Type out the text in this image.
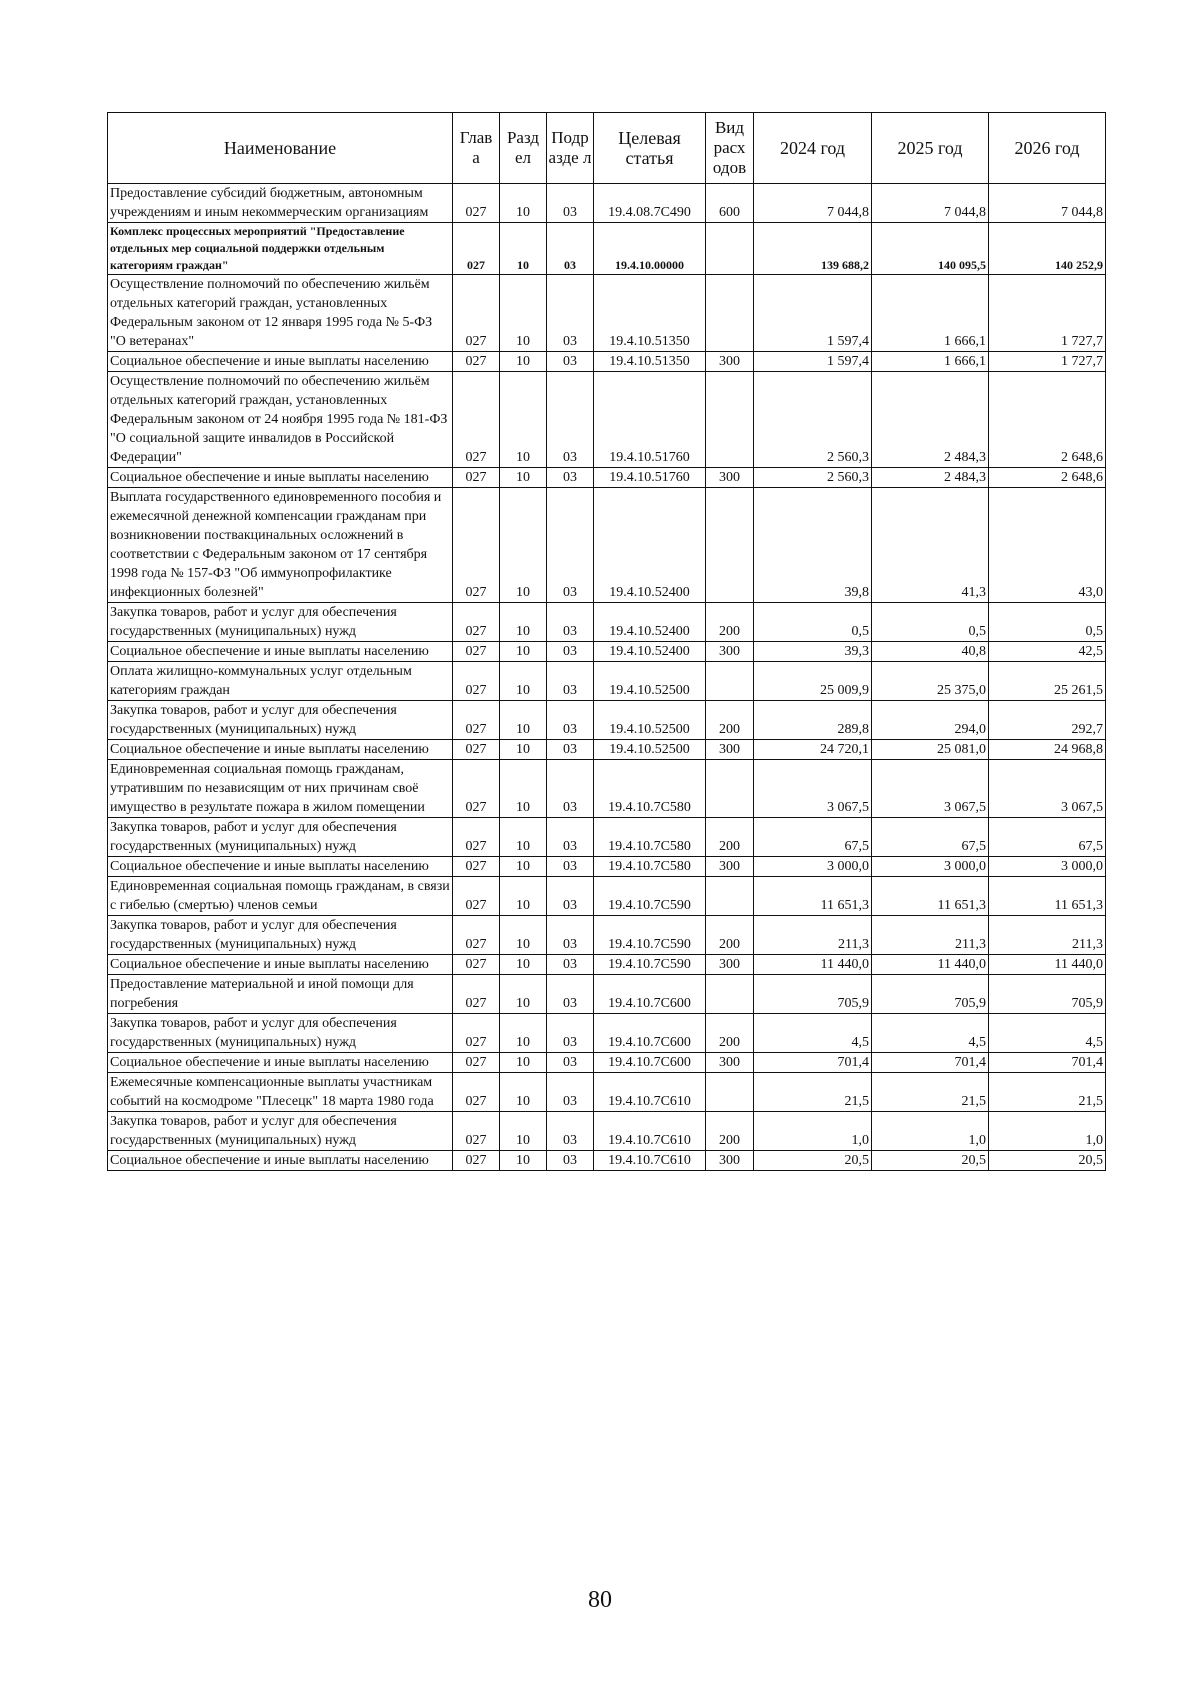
Наименование	Глав а	Разд ел	Подр азде л	Целевая статья	Вид расх одов	2024 год	2025 год	2026 год
Предоставление субсидий бюджетным, автономным учреждениям и иным некоммерческим организациям	027	10	03	19.4.08.7С490	600	7 044,8	7 044,8	7 044,8
Комплекс процессных мероприятий "Предоставление отдельных мер социальной поддержки отдельным категориям граждан"	027	10	03	19.4.10.00000		139 688,2	140 095,5	140 252,9
Осуществление полномочий по обеспечению жильём отдельных категорий граждан, установленных Федеральным законом от 12 января 1995 года № 5-ФЗ "О ветеранах"	027	10	03	19.4.10.51350		1 597,4	1 666,1	1 727,7
Социальное обеспечение и иные выплаты населению	027	10	03	19.4.10.51350	300	1 597,4	1 666,1	1 727,7
Осуществление полномочий по обеспечению жильём отдельных категорий граждан, установленных Федеральным законом от 24 ноября 1995 года № 181-ФЗ "О социальной защите инвалидов в Российской Федерации"	027	10	03	19.4.10.51760		2 560,3	2 484,3	2 648,6
Социальное обеспечение и иные выплаты населению	027	10	03	19.4.10.51760	300	2 560,3	2 484,3	2 648,6
Выплата государственного единовременного пособия и ежемесячной денежной компенсации гражданам при возникновении поствакцинальных осложнений в соответствии с Федеральным законом от 17 сентября 1998 года № 157-ФЗ "Об иммунопрофилактике инфекционных болезней"	027	10	03	19.4.10.52400		39,8	41,3	43,0
Закупка товаров, работ и услуг для обеспечения государственных (муниципальных) нужд	027	10	03	19.4.10.52400	200	0,5	0,5	0,5
Социальное обеспечение и иные выплаты населению	027	10	03	19.4.10.52400	300	39,3	40,8	42,5
Оплата жилищно-коммунальных услуг отдельным категориям граждан	027	10	03	19.4.10.52500		25 009,9	25 375,0	25 261,5
Закупка товаров, работ и услуг для обеспечения государственных (муниципальных) нужд	027	10	03	19.4.10.52500	200	289,8	294,0	292,7
Социальное обеспечение и иные выплаты населению	027	10	03	19.4.10.52500	300	24 720,1	25 081,0	24 968,8
Единовременная социальная помощь гражданам, утратившим по независящим от них причинам своё имущество в результате пожара в жилом помещении	027	10	03	19.4.10.7С580		3 067,5	3 067,5	3 067,5
Закупка товаров, работ и услуг для обеспечения государственных (муниципальных) нужд	027	10	03	19.4.10.7С580	200	67,5	67,5	67,5
Социальное обеспечение и иные выплаты населению	027	10	03	19.4.10.7С580	300	3 000,0	3 000,0	3 000,0
Единовременная социальная помощь гражданам, в связи с гибелью (смертью) членов семьи	027	10	03	19.4.10.7С590		11 651,3	11 651,3	11 651,3
Закупка товаров, работ и услуг для обеспечения государственных (муниципальных) нужд	027	10	03	19.4.10.7С590	200	211,3	211,3	211,3
Социальное обеспечение и иные выплаты населению	027	10	03	19.4.10.7С590	300	11 440,0	11 440,0	11 440,0
Предоставление материальной и иной помощи для погребения	027	10	03	19.4.10.7С600		705,9	705,9	705,9
Закупка товаров, работ и услуг для обеспечения государственных (муниципальных) нужд	027	10	03	19.4.10.7С600	200	4,5	4,5	4,5
Социальное обеспечение и иные выплаты населению	027	10	03	19.4.10.7С600	300	701,4	701,4	701,4
Ежемесячные компенсационные выплаты участникам событий на космодроме "Плесецк" 18 марта 1980 года	027	10	03	19.4.10.7С610		21,5	21,5	21,5
Закупка товаров, работ и услуг для обеспечения государственных (муниципальных) нужд	027	10	03	19.4.10.7С610	200	1,0	1,0	1,0
Социальное обеспечение и иные выплаты населению	027	10	03	19.4.10.7С610	300	20,5	20,5	20,5
80
